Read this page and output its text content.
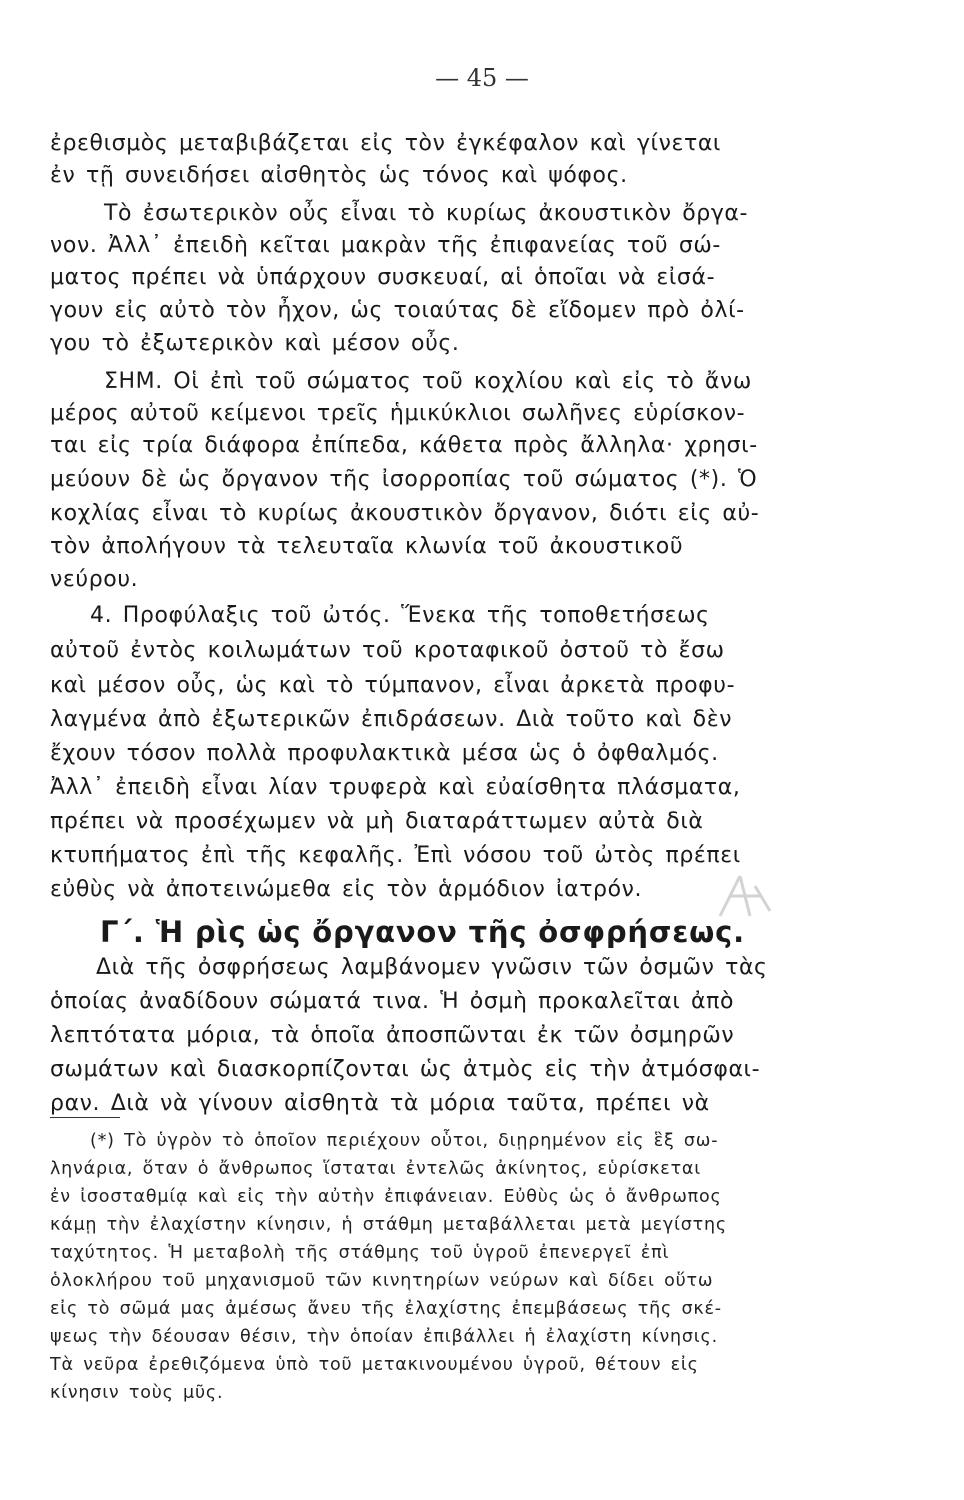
— 45 —
ἐρεθισμὸς μεταβιβάζεται εἰς τὸν ἐγκέφαλον καὶ γίνεται
ἐν τῇ συνειδήσει αἰσθητὸς ὡς τόνος καὶ ψόφος.
Τὸ ἐσωτερικὸν οὖς εἶναι τὸ κυρίως ἀκουστικὸν ὄργα-
νον. Ἀλλ᾽ ἐπειδὴ κεῖται μακρὰν τῆς ἐπιφανείας τοῦ σώ-
ματος πρέπει νὰ ὑπάρχουν συσκευαί, αἱ ὁποῖαι νὰ εἰσά-
γουν εἰς αὐτὸ τὸν ἦχον, ὡς τοιαύτας δὲ εἴδομεν πρὸ ὀλί-
γου τὸ ἐξωτερικὸν καὶ μέσον οὖς.
ΣΗΜ. Οἱ ἐπὶ τοῦ σώματος τοῦ κοχλίου καὶ εἰς τὸ ἄνω
μέρος αὐτοῦ κείμενοι τρεῖς ἡμικύκλιοι σωλῆνες εὑρίσκον-
ται εἰς τρία διάφορα ἐπίπεδα, κάθετα πρὸς ἄλληλα· χρησι-
μεύουν δὲ ὡς ὄργανον τῆς ἰσορροπίας τοῦ σώματος (*). Ὁ
κοχλίας εἶναι τὸ κυρίως ἀκουστικὸν ὄργανον, διότι εἰς αὐ-
τὸν ἀπολήγουν τὰ τελευταῖα κλωνία τοῦ ἀκουστικοῦ
νεύρου.
4. Προφύλαξις τοῦ ὠτός. Ἕνεκα τῆς τοποθετήσεως
αὐτοῦ ἐντὸς κοιλωμάτων τοῦ κροταφικοῦ ὀστοῦ τὸ ἔσω
καὶ μέσον οὖς, ὡς καὶ τὸ τύμπανον, εἶναι ἀρκετὰ προφυ-
λαγμένα ἀπὸ ἐξωτερικῶν ἐπιδράσεων. Διὰ τοῦτο καὶ δὲν
ἔχουν τόσον πολλὰ προφυλακτικὰ μέσα ὡς ὁ ὀφθαλμός.
Ἀλλ᾽ ἐπειδὴ εἶναι λίαν τρυφερὰ καὶ εὐαίσθητα πλάσματα,
πρέπει νὰ προσέχωμεν νὰ μὴ διαταράττωμεν αὐτὰ διὰ
κτυπήματος ἐπὶ τῆς κεφαλῆς. Ἐπὶ νόσου τοῦ ὠτὸς πρέπει
εὐθὺς νὰ ἀποτεινώμεθα εἰς τὸν ἁρμόδιον ἰατρόν.
Γ΄. Ἡ ρὶς ὡς ὄργανον τῆς ὀσφρήσεως.
Διὰ τῆς ὀσφρήσεως λαμβάνομεν γνῶσιν τῶν ὀσμῶν τὰς
ὁποίας ἀναδίδουν σώματά τινα. Ἡ ὀσμὴ προκαλεῖται ἀπὸ
λεπτότατα μόρια, τὰ ὁποῖα ἀποσπῶνται ἐκ τῶν ὀσμηρῶν
σωμάτων καὶ διασκορπίζονται ὡς ἀτμὸς εἰς τὴν ἀτμόσφαι-
ραν. Διὰ νὰ γίνουν αἰσθητὰ τὰ μόρια ταῦτα, πρέπει νὰ
(*) Τὸ ὑγρὸν τὸ ὁποῖον περιέχουν οὗτοι, διῃρημένον εἰς ἓξ σω-
ληνάρια, ὅταν ὁ ἄνθρωπος ἵσταται ἐντελῶς ἀκίνητος, εὑρίσκεται
ἐν ἰσοσταθμίᾳ καὶ εἰς τὴν αὐτὴν ἐπιφάνειαν. Εὐθὺς ὡς ὁ ἄνθρωπος
κάμῃ τὴν ἐλαχίστην κίνησιν, ἡ στάθμη μεταβάλλεται μετὰ μεγίστης
ταχύτητος. Ἡ μεταβολὴ τῆς στάθμης τοῦ ὑγροῦ ἐπενεργεῖ ἐπὶ
ὁλοκλήρου τοῦ μηχανισμοῦ τῶν κινητηρίων νεύρων καὶ δίδει οὕτω
εἰς τὸ σῶμά μας ἀμέσως ἄνευ τῆς ἐλαχίστης ἐπεμβάσεως τῆς σκέ-
ψεως τὴν δέουσαν θέσιν, τὴν ὁποίαν ἐπιβάλλει ἡ ἐλαχίστη κίνησις.
Τὰ νεῦρα ἐρεθιζόμενα ὑπὸ τοῦ μετακινουμένου ὑγροῦ, θέτουν εἰς
κίνησιν τοὺς μῦς.
